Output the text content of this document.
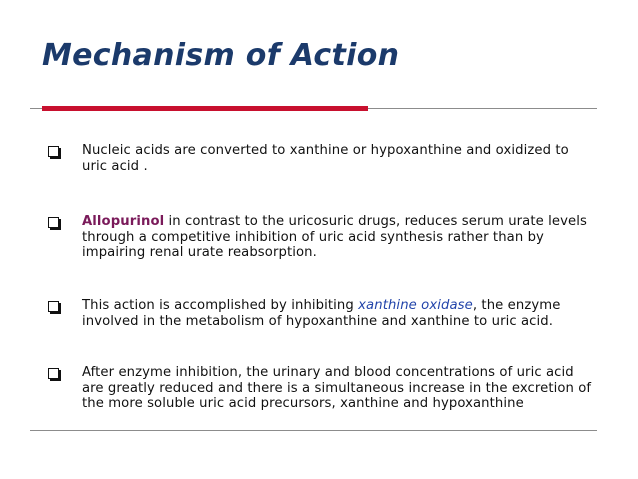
Mechanism of Action
Nucleic acids are converted to xanthine or hypoxanthine and oxidized to uric acid .
Allopurinol in contrast to the uricosuric drugs, reduces serum urate levels through a competitive inhibition of uric acid synthesis rather than by impairing renal urate reabsorption.
This action is accomplished by inhibiting xanthine oxidase, the enzyme involved in the metabolism of hypoxanthine and xanthine to uric acid.
After enzyme inhibition, the urinary and blood concentrations of uric acid are greatly reduced and there is a simultaneous increase in the excretion of the more soluble uric acid precursors, xanthine and hypoxanthine
